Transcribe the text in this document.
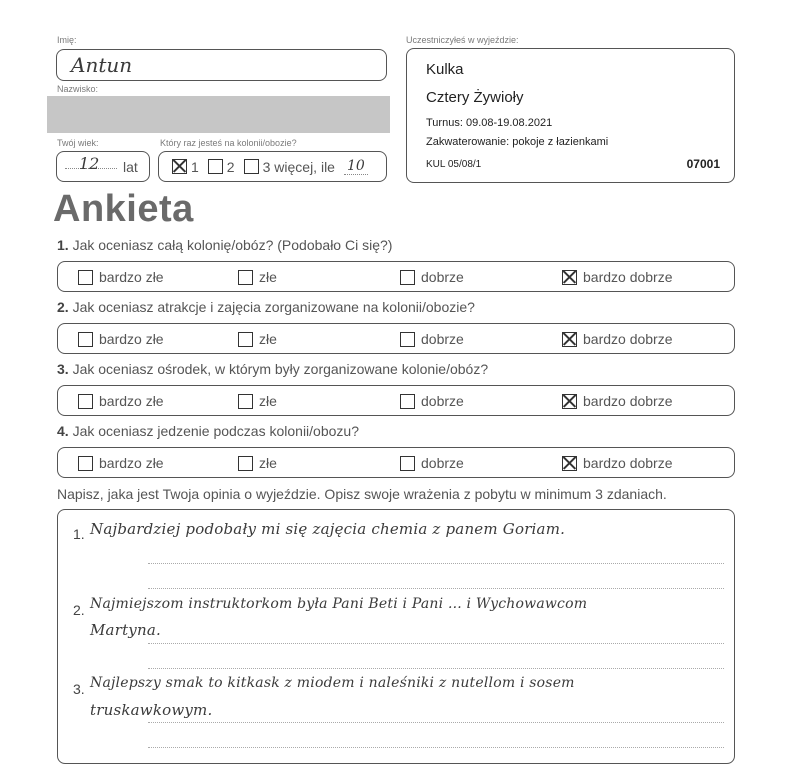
Imię:
Antun
Nazwisko:
Twój wiek:	Który raz jesteś na kolonii/obozie?
12 lat	1 2 3 więcej, ile 10
Uczestniczyłeś w wyjeździe:
Kulka
Cztery Żywioły
Turnus: 09.08-19.08.2021
Zakwaterowanie: pokoje z łazienkami
KUL 05/08/1	07001
Ankieta
1. Jak oceniasz całą kolonię/obóz? (Podobało Ci się?)
bardzo złe	złe	dobrze	bardzo dobrze
2. Jak oceniasz atrakcje i zajęcia zorganizowane na kolonii/obozie?
bardzo złe	złe	dobrze	bardzo dobrze
3. Jak oceniasz ośrodek, w którym były zorganizowane kolonie/obóz?
bardzo złe	złe	dobrze	bardzo dobrze
4. Jak oceniasz jedzenie podczas kolonii/obozu?
bardzo złe	złe	dobrze	bardzo dobrze
Napisz, jaka jest Twoja opinia o wyjeździe. Opisz swoje wrażenia z pobytu w minimum 3 zdaniach.
1. Najbardziej podobały mi się zajęcia chemia z panem Goriam.
2. Najmiejszom instruktorkom była Pani Beti i Pani ... i Wychowawcom
Martyna.
3. Najlepszy smak to kitkask z miodem i naleśniki z nutellom i sosem
truskawkowym.
